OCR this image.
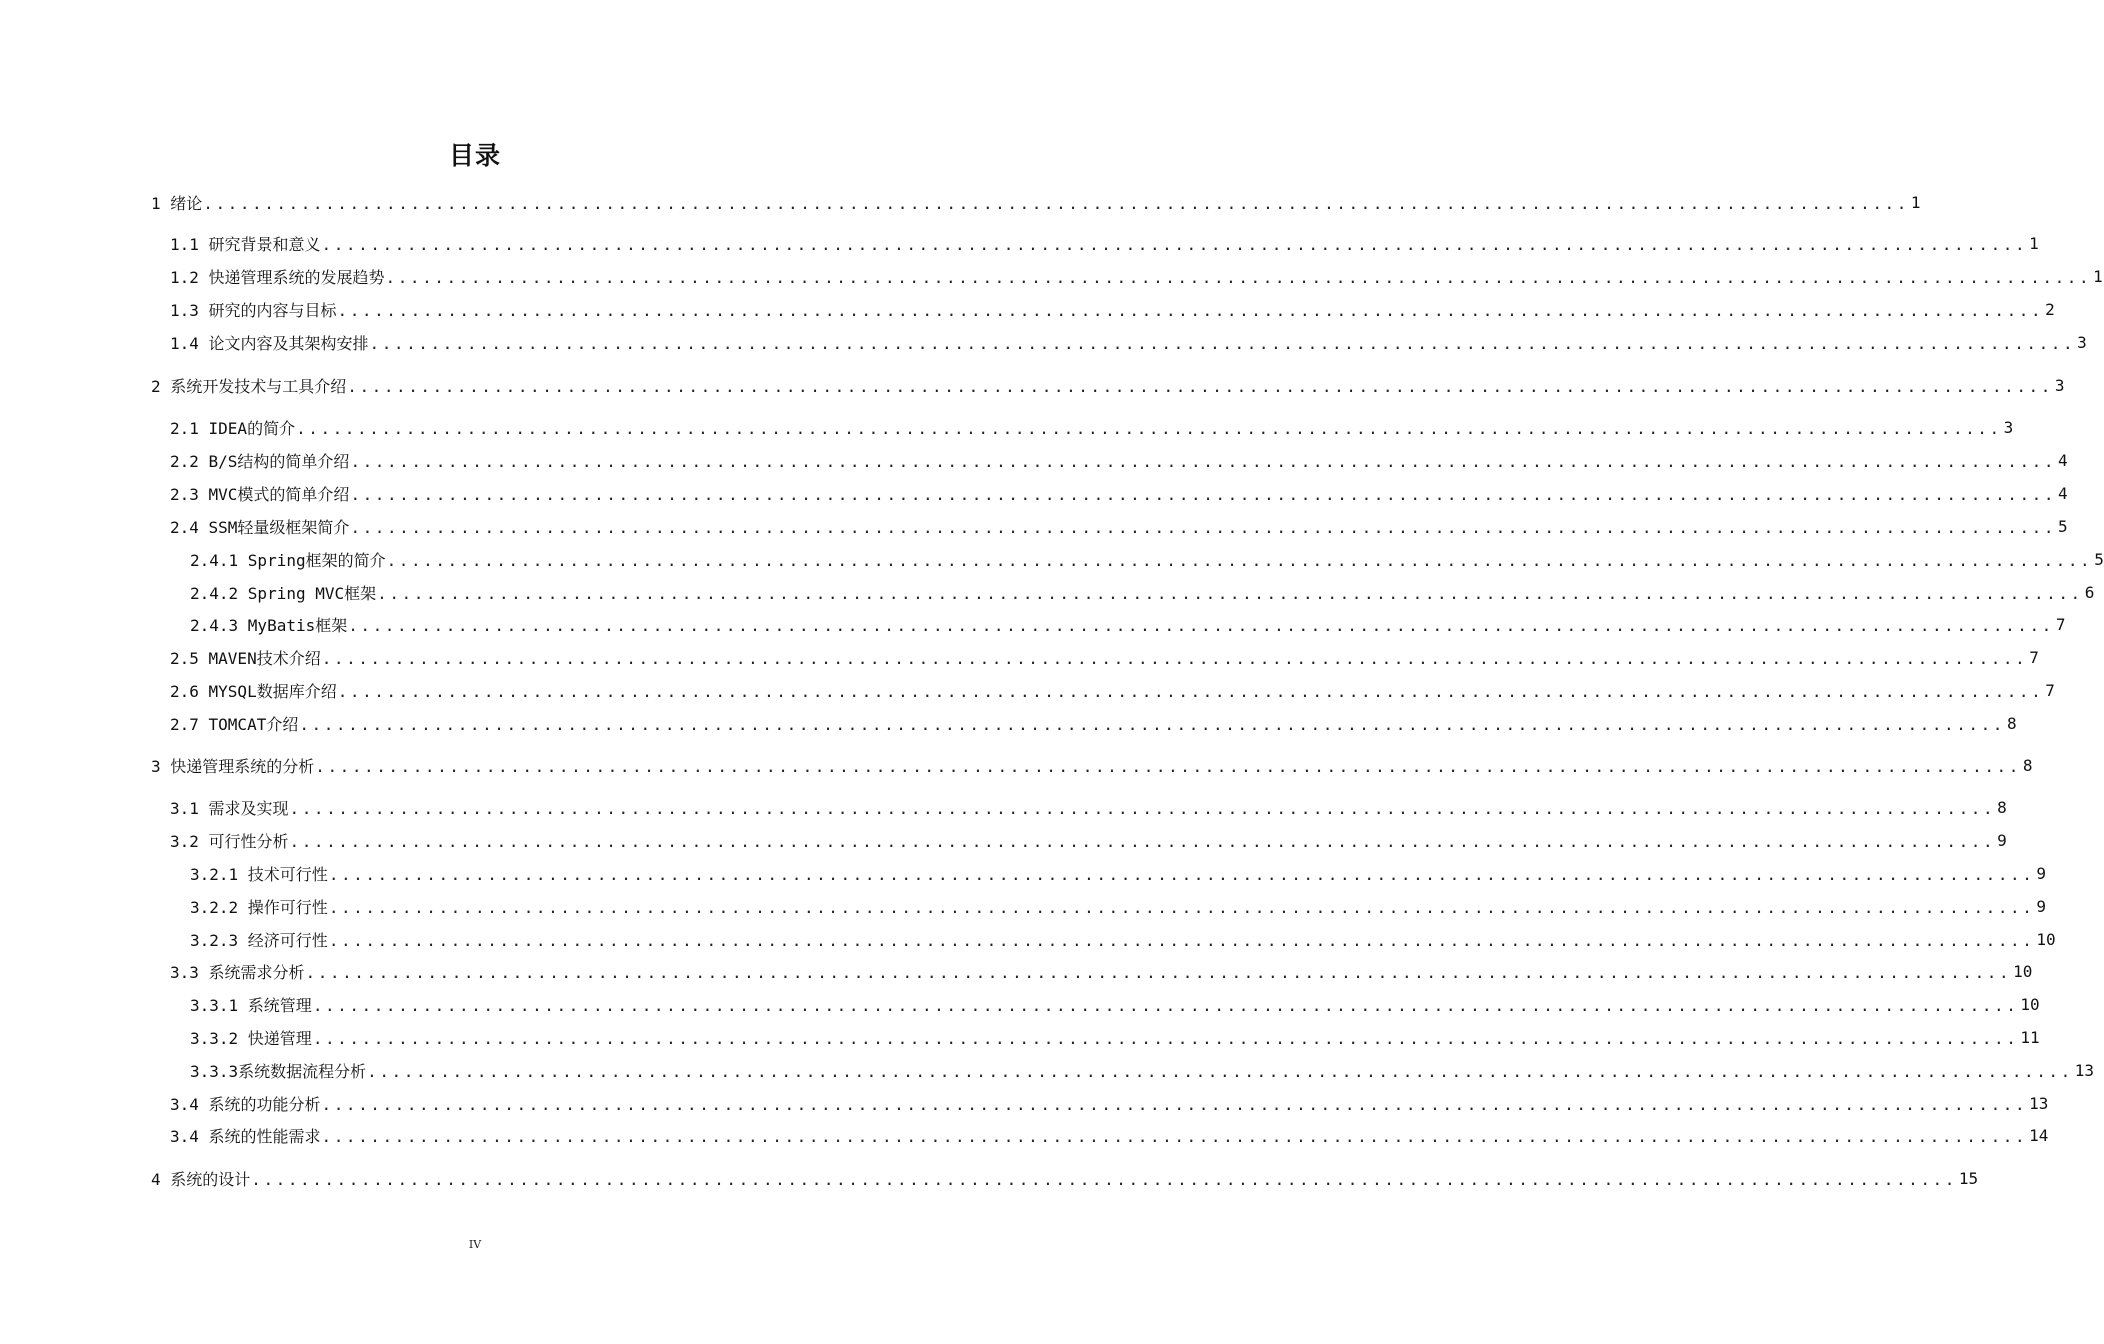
目录
1 绪论 ............................................................................................................................................ 1
1.1 研究背景和意义 ............................................................................................................................................ 1
1.2 快递管理系统的发展趋势 ............................................................................................................................................ 1
1.3 研究的内容与目标 ............................................................................................................................................ 2
1.4 论文内容及其架构安排 ............................................................................................................................................ 3
2 系统开发技术与工具介绍 ............................................................................................................................................ 3
2.1 IDEA的简介 ............................................................................................................................................ 3
2.2 B/S结构的简单介绍 ............................................................................................................................................ 4
2.3 MVC模式的简单介绍 ............................................................................................................................................ 4
2.4 SSM轻量级框架简介 ............................................................................................................................................ 5
2.4.1 Spring框架的简介 ............................................................................................................................................ 5
2.4.2 Spring MVC框架 ............................................................................................................................................ 6
2.4.3 MyBatis框架 ............................................................................................................................................ 7
2.5 MAVEN技术介绍 ............................................................................................................................................ 7
2.6 MYSQL数据库介绍 ............................................................................................................................................ 7
2.7 TOMCAT介绍 ............................................................................................................................................ 8
3 快递管理系统的分析 ............................................................................................................................................ 8
3.1 需求及实现 ............................................................................................................................................ 8
3.2 可行性分析 ............................................................................................................................................ 9
3.2.1 技术可行性 ............................................................................................................................................ 9
3.2.2 操作可行性 ............................................................................................................................................ 9
3.2.3 经济可行性 ............................................................................................................................................ 10
3.3 系统需求分析 ............................................................................................................................................ 10
3.3.1 系统管理 ............................................................................................................................................ 10
3.3.2 快递管理 ............................................................................................................................................ 11
3.3.3系统数据流程分析 ............................................................................................................................................ 13
3.4 系统的功能分析 ............................................................................................................................................ 13
3.4 系统的性能需求 ............................................................................................................................................ 14
4 系统的设计 ............................................................................................................................................ 15
IV
